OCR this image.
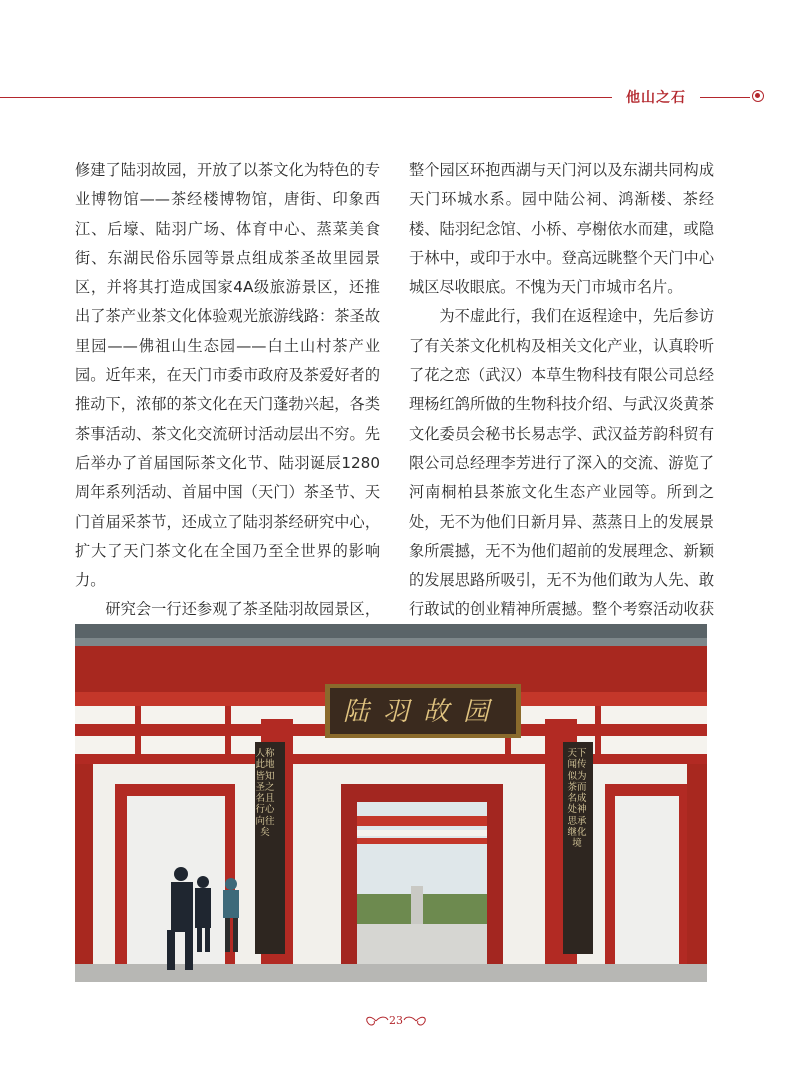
他山之石

修建了陆羽故园，开放了以茶文化为特色的专业博物馆——茶经楼博物馆，唐街、印象西江、后壕、陆羽广场、体育中心、蒸菜美食街、东湖民俗乐园等景点组成茶圣故里园景区，并将其打造成国家4A级旅游景区，还推出了茶产业茶文化体验观光旅游线路：茶圣故里园——佛祖山生态园——白土山村茶产业园。近年来，在天门市委市政府及茶爱好者的推动下，浓郁的茶文化在天门蓬勃兴起，各类茶事活动、茶文化交流研讨活动层出不穷。先后举办了首届国际茶文化节、陆羽诞辰1280周年系列活动、首届中国（天门）茶圣节、天门首届采茶节，还成立了陆羽茶经研究中心，扩大了天门茶文化在全国乃至全世界的影响力。

研究会一行还参观了茶圣陆羽故园景区，

整个园区环抱西湖与天门河以及东湖共同构成天门环城水系。园中陆公祠、鸿渐楼、茶经楼、陆羽纪念馆、小桥、亭榭依水而建，或隐于林中，或印于水中。登高远眺整个天门中心城区尽收眼底。不愧为天门市城市名片。

为不虚此行，我们在返程途中，先后参访了有关茶文化机构及相关文化产业，认真聆听了花之恋（武汉）本草生物科技有限公司总经理杨红鸽所做的生物科技介绍、与武汉炎黄茶文化委员会秘书长易志学、武汉益芳韵科贸有限公司总经理李芳进行了深入的交流、游览了河南桐柏县茶旅文化生态产业园等。所到之处，无不为他们日新月异、蒸蒸日上的发展景象所震撼，无不为他们超前的发展理念、新颖的发展思路所吸引，无不为他们敢为人先、敢行敢试的创业精神所震撼。整个考察活动收获

陆羽故园
人称此地皆知圣之名且行心向往矣
天下闻传似为茶而名成处神思承继化境
23
